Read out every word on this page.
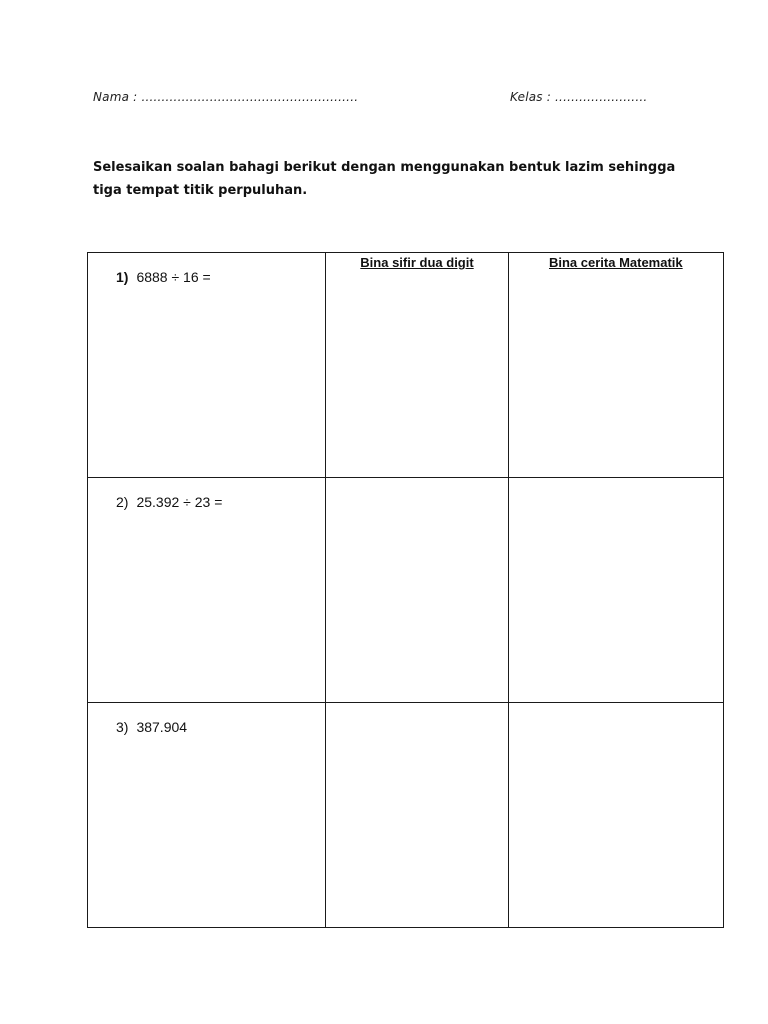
Nama : ......................................................	Kelas : .......................
Selesaikan soalan bahagi berikut dengan menggunakan bentuk lazim sehingga
tiga tempat titik perpuluhan.
1) 6888 ÷ 16 =	Bina sifir dua digit	Bina cerita Matematik

2) 25.392 ÷ 23 =		

3) 387.904		
